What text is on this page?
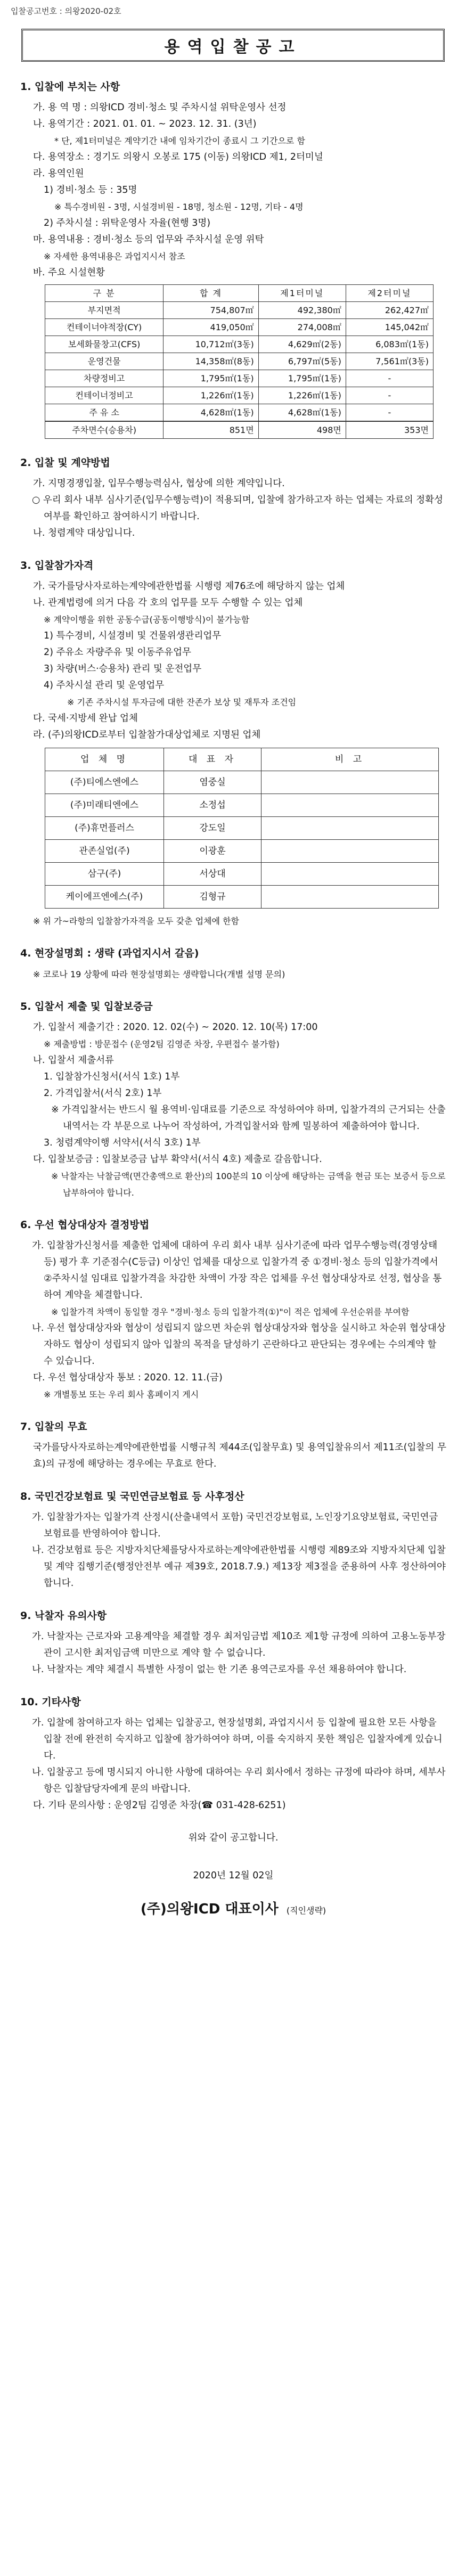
입찰공고번호 : 의왕2020-02호
용역입찰공고
1. 입찰에 부치는 사항
가. 용 역 명 : 의왕ICD 경비·청소 및 주차시설 위탁운영사 선정
나. 용역기간 : 2021. 01. 01. ~ 2023. 12. 31. (3년)
* 단, 제1터미널은 계약기간 내에 임차기간이 종료시 그 기간으로 함
다. 용역장소 : 경기도 의왕시 오봉로 175 (이동) 의왕ICD 제1, 2터미널
라. 용역인원
1) 경비·청소 등 : 35명
※ 특수경비원 - 3명, 시설경비원 - 18명, 청소원 - 12명, 기타 - 4명
2) 주차시설 : 위탁운영사 자율(현행 3명)
마. 용역내용 : 경비·청소 등의 업무와 주차시설 운영 위탁
※ 자세한 용역내용은 과업지시서 참조
바. 주요 시설현황
구 분	합 계	제1터미널	제2터미널
부지면적	754,807㎡	492,380㎡	262,427㎡
컨테이너야적장(CY)	419,050㎡	274,008㎡	145,042㎡
보세화물창고(CFS)	10,712㎡(3동)	4,629㎡(2동)	6,083㎡(1동)
운영건물	14,358㎡(8동)	6,797㎡(5동)	7,561㎡(3동)
차량정비고	1,795㎡(1동)	1,795㎡(1동)	-
컨테이너정비고	1,226㎡(1동)	1,226㎡(1동)	-
주 유 소	4,628㎡(1동)	4,628㎡(1동)	-
주차면수(승용차)	851면	498면	353면
2. 입찰 및 계약방법
가. 지명경쟁입찰, 입무수행능력심사, 협상에 의한 계약입니다.
○ 우리 회사 내부 심사기준(입무수행능력)이 적용되며, 입찰에 참가하고자 하는 업체는 자료의 정확성 여부를 확인하고 참여하시기 바랍니다.
나. 청렴계약 대상입니다.
3. 입찰참가자격
가. 국가를당사자로하는계약에관한법률 시행령 제76조에 해당하지 않는 업체
나. 관계법령에 의거 다음 각 호의 업무를 모두 수행할 수 있는 업체
※ 계약이행을 위한 공동수급(공동이행방식)이 불가능함
1) 특수경비, 시설경비 및 건물위생관리업무
2) 주유소 자량주유 및 이동주유업무
3) 차량(버스·승용차) 관리 및 운전업무
4) 주차시설 관리 및 운영업무
※ 기존 주차시설 투자금에 대한 잔존가 보상 및 재투자 조건임
다. 국세·지방세 완납 업체
라. (주)의왕ICD로부터 입찰참가대상업체로 지명된 업체
업 체 명	대 표 자	비 고
(주)티에스엔에스	염중실	
(주)미래티엔에스	소정섭	
(주)휴먼플러스	강도일	
관존실업(주)	이광훈	
삼구(주)	서상대	
케이에프엔에스(주)	김형규	
※ 위 가~라항의 입찰참가자격을 모두 갖춘 업체에 한함
4. 현장설명회 : 생략 (과업지시서 갈음)
※ 코로나 19 상황에 따라 현장설명회는 생략합니다(개별 설명 문의)
5. 입찰서 제출 및 입찰보증금
가. 입찰서 제출기간 : 2020. 12. 02(수) ~ 2020. 12. 10(목) 17:00
※ 제출방법 : 방문접수 (운영2팀 김영준 차장, 우편접수 불가함)
나. 입찰서 제출서류
1. 입찰참가신청서(서식 1호) 1부
2. 가격입찰서(서식 2호) 1부
※ 가격입찰서는 반드시 월 용역비·임대료를 기준으로 작성하여야 하며, 입찰가격의 근거되는 산출내역서는 각 부문으로 나누어 작성하여, 가격입찰서와 함께 밀봉하여 제출하여야 합니다.
3. 청렴계약이행 서약서(서식 3호) 1부
다. 입찰보증금 : 입찰보증금 납부 확약서(서식 4호) 제출로 갈음합니다.
※ 낙찰자는 낙찰금액(면간총액으로 환산)의 100분의 10 이상에 해당하는 금액을 현금 또는 보증서 등으로 납부하여야 합니다.
6. 우선 협상대상자 결정방법
가. 입찰참가신청서를 제출한 업체에 대하여 우리 회사 내부 심사기준에 따라 업무수행능력(경영상태 등) 평가 후 기준점수(C등급) 이상인 업체를 대상으로 입찰가격 중 ①경비·청소 등의 입찰가격에서 ②주차시설 임대료 입찰가격을 차감한 차액이 가장 작은 업체를 우선 협상대상자로 선정, 협상을 통하여 계약을 체결합니다.
※ 입찰가격 차액이 동일할 경우 "경비·청소 등의 입찰가격(①)"이 적은 업체에 우선순위를 부여함
나. 우선 협상대상자와 협상이 성립되지 않으면 차순위 협상대상자와 협상을 실시하고 차순위 협상대상자하도 협상이 성립되지 않아 입찰의 목적을 달성하기 곤란하다고 판단되는 경우에는 수의계약 할 수 있습니다.
다. 우선 협상대상자 통보 : 2020. 12. 11.(금)
※ 개별통보 또는 우리 회사 홈페이지 게시
7. 입찰의 무효
국가를당사자로하는계약에관한법률 시행규칙 제44조(입찰무효) 및 용역입찰유의서 제11조(입찰의 무효)의 규정에 해당하는 경우에는 무효로 한다.
8. 국민건강보험료 및 국민연금보험료 등 사후정산
가. 입찰참가자는 입찰가격 산정시(산출내역서 포함) 국민건강보험료, 노인장기요양보험료, 국민연금보험료를 반영하여야 합니다.
나. 건강보험료 등은 지방자치단체를당사자로하는계약에관한법률 시행령 제89조와 지방자치단체 입찰 및 계약 집행기준(행정안전부 예규 제39호, 2018.7.9.) 제13장 제3절을 준용하여 사후 정산하여야 합니다.
9. 낙찰자 유의사항
가. 낙찰자는 근로자와 고용계약을 체결할 경우 최저임금법 제10조 제1항 규정에 의하여 고용노동부장관이 고시한 최저임금액 미만으로 계약 할 수 없습니다.
나. 낙찰자는 계약 체결시 특별한 사정이 없는 한 기존 용역근로자를 우선 채용하여야 합니다.
10. 기타사항
가. 입찰에 참여하고자 하는 업체는 입찰공고, 현장설명회, 과업지시서 등 입찰에 필요한 모든 사항을 입찰 전에 완전히 숙지하고 입찰에 참가하여야 하며, 이를 숙지하지 못한 책임은 입찰자에게 있습니다.
나. 입찰공고 등에 명시되지 아니한 사항에 대하여는 우리 회사에서 정하는 규정에 따라야 하며, 세부사항은 입찰담당자에게 문의 바랍니다.
다. 기타 문의사항 : 운영2팀 김영준 차장(☎ 031-428-6251)
위와 같이 공고합니다.
2020년 12월 02일
(주)의왕ICD 대표이사 (직인생략)
